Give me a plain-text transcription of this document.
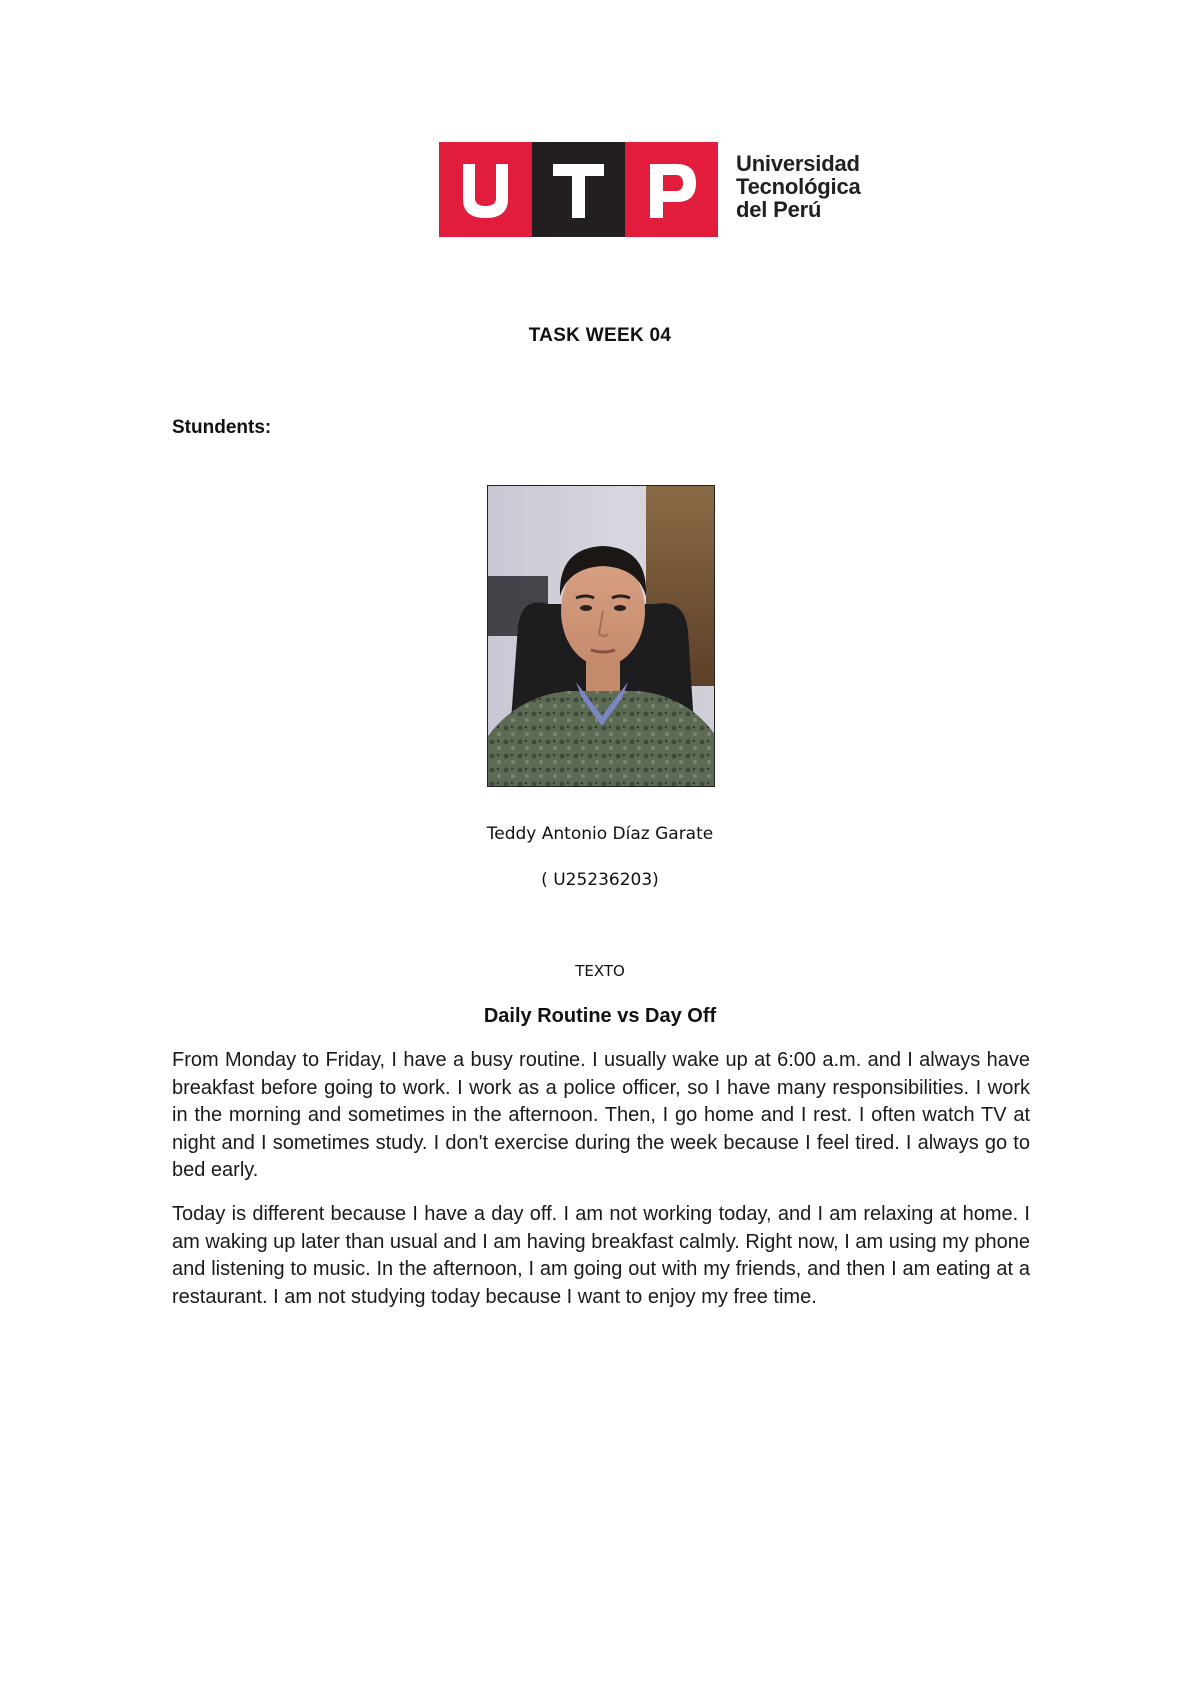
Universidad
Tecnológica
del Perú
TASK WEEK 04
Stundents:
Teddy Antonio Díaz Garate
( U25236203)
TEXTO
Daily Routine vs Day Off
From Monday to Friday, I have a busy routine. I usually wake up at 6:00 a.m. and I always have breakfast before going to work. I work as a police officer, so I have many responsibilities. I work in the morning and sometimes in the afternoon. Then, I go home and I rest. I often watch TV at night and I sometimes study. I don't exercise during the week because I feel tired. I always go to bed early.
Today is different because I have a day off. I am not working today, and I am relaxing at home. I am waking up later than usual and I am having breakfast calmly. Right now, I am using my phone and listening to music. In the afternoon, I am going out with my friends, and then I am eating at a restaurant. I am not studying today because I want to enjoy my free time.
